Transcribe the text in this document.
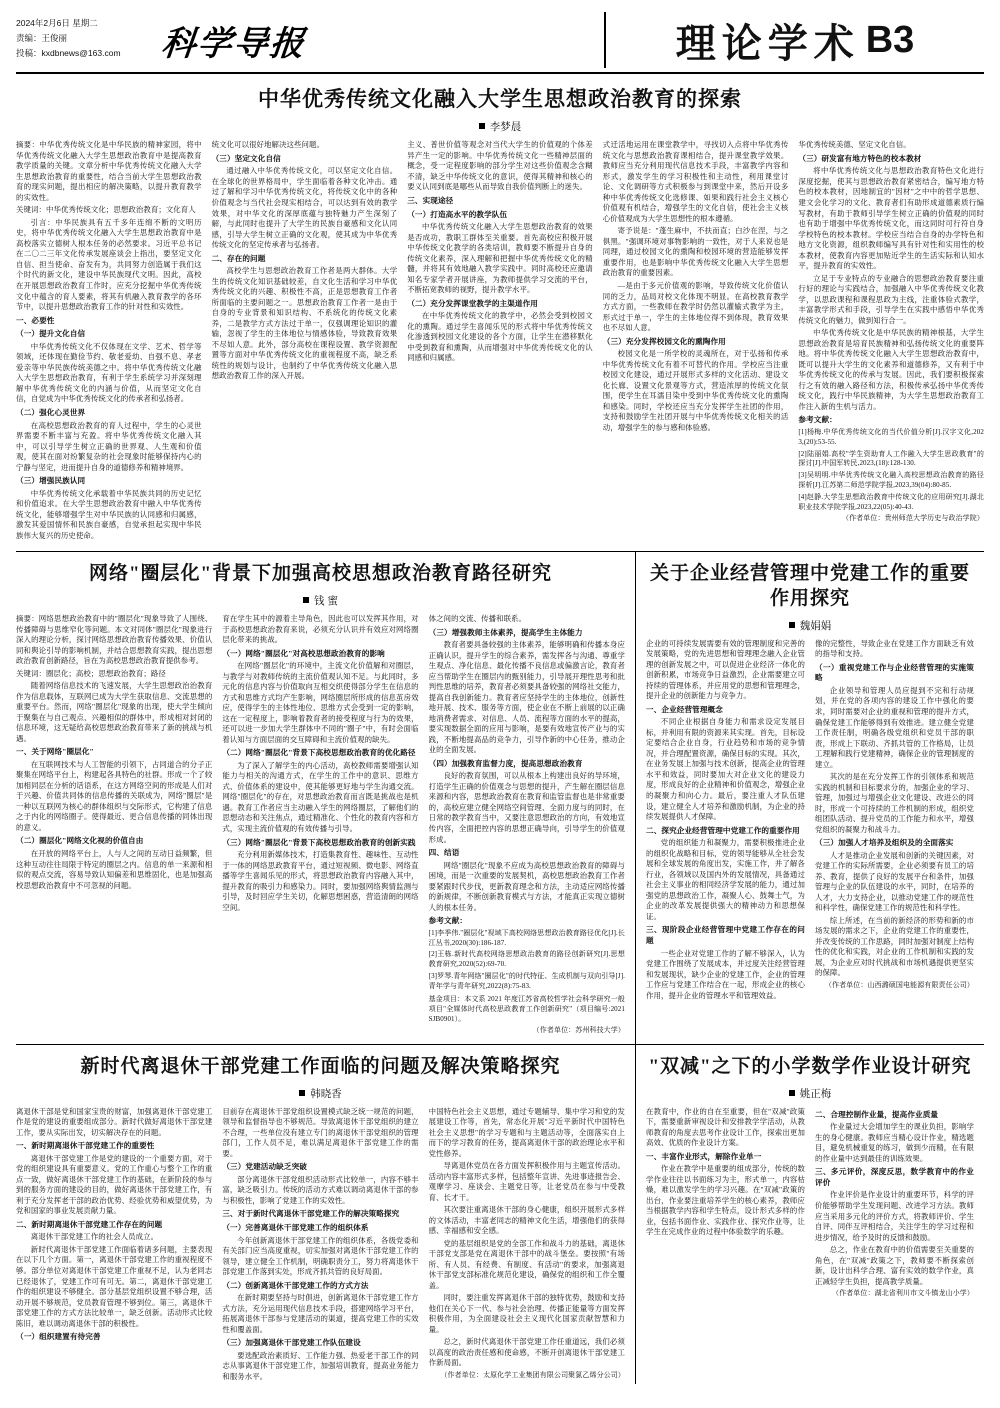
2024年2月6日 星期二
责编：王俊丽
投稿：kxdbnews@163.com	科学导报	理论学术 B3
中华优秀传统文化融入大学生思想政治教育的探索
李梦晨

摘要：中华优秀传统文化是中华民族的精神家园，将中华优秀传统文化融入大学生思想政治教育中是提高教育教学质量的关键。文章分析中华优秀传统文化融入大学生思想政治教育的重要性，结合当前大学生思想政治教育的现实问题，提出相应的解决策略，以提升教育教学的实效性。

关键词：中华优秀传统文化；思想政治教育；文化育人

引言：中华民族具有五千多年连绵不断的文明历史，将中华优秀传统文化融入大学生思想政治教育中是高校落实立德树人根本任务的必然要求。习近平总书记在二〇二三年文化传承发展座谈会上指出，要坚定文化自信、担当使命、奋发有为，共同努力创造属于我们这个时代的新文化，建设中华民族现代文明。因此，高校在开展思想政治教育工作时，应充分挖掘中华优秀传统文化中蕴含的育人要素，将其有机融入教育教学的各环节中，以提升思想政治教育工作的针对性和实效性。

一、必要性
（一）提升文化自信

中华优秀传统文化不仅体现在文学、艺术、哲学等领域，还体现在勤俭节约、敬老爱幼、自强不息、孝老爱亲等中华民族传统美德之中。将中华优秀传统文化融入大学生思想政治教育，有利于学生系统学习并深刻理解中华优秀传统文化的内涵与价值，从而坚定文化自信，自觉成为中华优秀传统文化的传承者和弘扬者。

（二）强化心灵世界

在高校思想政治教育的育人过程中，学生的心灵世界需要不断丰富与充盈。将中华优秀传统文化融入其中，可以引导学生树立正确的世界观、人生观和价值观，使其在面对纷繁复杂的社会现象时能够保持内心的宁静与坚定，进而提升自身的道德修养和精神境界。

（三）增强民族认同

中华优秀传统文化承载着中华民族共同的历史记忆和价值追求。在大学生思想政治教育中融入中华优秀传统文化，能够增强学生对中华民族的认同感和归属感，激发其爱国情怀和民族自豪感，自觉承担起实现中华民族伟大复兴的历史使命。

统文化可以很好地解决这些问题。

（三）坚定文化自信

通过融入中华优秀传统文化，可以坚定文化自信。在全球化的世界格局中，学生面临着各种文化冲击。通过了解和学习中华优秀传统文化，将传统文化中的各种价值观念与当代社会现实相结合，可以达到有效的教学效果，对中华文化的深厚底蕴与独特魅力产生深刻了解，与此同时也提升了大学生的民族自豪感和文化认同感，引导大学生树立正确的文化观，使其成为中华优秀传统文化的坚定传承者与弘扬者。

二、存在的问题

高校学生与思想政治教育工作者是两大群体。大学生的传统文化知识基础较差，自文化生活和学习中华优秀传统文化的兴趣、积极性不高，正是思想教育工作者所面临的主要问题之一。思想政治教育工作者一是由于自身的专业背景和知识结构、不系统化的传统文化素养，二是教学方式方法过于单一，仅强调理论知识的灌输，忽视了学生的主体地位与情感体验，导致教育效果不尽如人意。此外，部分高校在课程设置、教学资源配置等方面对中华优秀传统文化的重视程度不高，缺乏系统性的规划与设计，也制约了中华优秀传统文化融入思想政治教育工作的深入开展。

主义、普世价值等观念对当代大学生的价值观的个体差异产生一定的影响。中华优秀传统文化一些精神层面的概念，受一定程度影响的部分学生对这些价值观念含糊不清，缺乏中华传统文化的意识，使得其精神和核心的要义认同到底是哪些从而导致自我价值判断上的迷失。

三、实现途径
（一）打造高水平的教学队伍

中华优秀传统文化融入大学生思想政治教育的效果是否成功，教职工群体至关重要。首先高校应积极开展中华传统文化教学的各类培训，教师要不断提升自身的传统文化素养，深入理解和把握中华优秀传统文化的精髓，并将其有效地融入教学实践中。同时高校还应邀请知名专家学者开展讲座，为教师提供学习交流的平台，不断拓宽教师的视野，提升教学水平。

（二）充分发挥课堂教学的主渠道作用

在中华优秀传统文化的教学中，必然会受到校园文化的熏陶。通过学生喜闻乐见的形式将中华优秀传统文化渗透到校园文化建设的各个方面，让学生在潜移默化中受到教育和熏陶，从而增强对中华优秀传统文化的认同感和归属感。

式迁活地运用在课堂教学中，寻找切入点将中华优秀传统文化与思想政治教育课相结合，提升课堂教学效果。教师应当充分利用现代信息技术手段，丰富教学内容和形式，激发学生的学习积极性和主动性，利用课堂讨论、文化调研等方式积极参与到课堂中来，然后开设多种中华优秀传统文化选修课、如果和践行社会主义核心价值观有机结合，增强学生的文化自信，使社会主义核心价值观成为大学生思想性的根本遵循。

寄予说是："蓬生麻中，不扶而直；白沙在涅，与之俱黑。"强调环境对事物影响的一致性，对于人来说也是同理，通过校园文化的熏陶和校园环境的营造能够发挥重要作用，也是影响中华优秀传统文化融入大学生思想政治教育的重要因素。

—是由于多元价值观的影响，导致传统文化价值认同的乏力，品局对校文化体现不明显。在高校教育教学方式方面，一些教师在教学时仍然以灌输式教学为主，形式过于单一，学生的主体地位得不到体现，教育效果也不尽如人意。

（三）充分发挥校园文化的熏陶作用

校园文化是一所学校的灵魂所在，对于弘扬和传承中华优秀传统文化有着不可替代的作用。学校应当注重校园文化建设，通过开展形式多样的文化活动、建设文化长廊、设置文化景观等方式，营造浓厚的传统文化氛围，使学生在耳濡目染中受到中华优秀传统文化的熏陶和感染。同时，学校还应当充分发挥学生社团的作用，支持和鼓励学生社团开展与中华优秀传统文化相关的活动，增强学生的参与感和体验感。

华优秀传统美德、坚定文化自信。

（三）研发富有地方特色的校本教材

将中华优秀传统文化与思想政治教育特色文化进行深度挖掘，使其与思想政治教育紧密结合，编写地方特色的校本教材，因地制宜的"因材"之中中的哲学思想、建文会化学习的文化、教育者们有助形成道德素质行编写教材，有助于教师引导学生树立正确的价值观的同时也有助于增强中华优秀传统文化，而这同时可行符自身学校特色的校本教材。学校应当结合自身的办学特色和地方文化资源，组织教师编写具有针对性和实用性的校本教材，使教育内容更加贴近学生的生活实际和认知水平，提升教育的实效性。

立足于专业特点的专业融合的思想政治教育要注重行好的理论与实践结合，加强融入中华优秀传统文化教学，以思政课程和课程思政为主线，注重体验式教学，丰富教学形式和手段，引导学生在实践中感悟中华优秀传统文化的魅力，做到知行合一。

中华优秀传统文化是中华民族的精神根基，大学生思想政治教育是培育民族精神和弘扬传统文化的重要阵地。将中华优秀传统文化融入大学生思想政治教育中，既可以提升大学生的文化素养和道德修养，又有利于中华优秀传统文化的传承与发展。因此，我们要积极探索行之有效的融入路径和方法，积极传承弘扬中华优秀传统文化，践行中华民族精神，为大学生思想政治教育工作注入新的生机与活力。

参考文献：

[1]杨梅.中华优秀传统文化的当代价值分析[J].汉字文化,2023,(20):53-55.

[2]陆丽娟.高校"学生资助育人工作融入大学生思政教育"的探讨[J].中国军转民,2023,(18):128-130.

[3]吴明明.中华优秀传统文化融入高校思想政治教育的路径探析[J].江苏第二师范学院学报,2023,39(04):80-85.

[4]赵静.大学生思想政治教育中传统文化的应用研究[J].湖北职业技术学院学报,2023,22(05):40-43.

（作者单位：贵州师范大学历史与政治学院）

网络"圈层化"背景下加强高校思想政治教育路径研究
钱 蜜

摘要：网络思想政治教育中的"圈层化"现象导致了人围绕、传播障碍与思维窄化等问题。本文对同体"圈层化"现象进行深入的理论分析，探讨网络思想政治教育传播效果、价值认同和舆论引导的影响机制，并结合思想教育实践，提出思想政治教育创新路径，旨在为高校思想政治教育提供参考。

关键词：圈层化；高校；思想政治教育；路径

随着网络信息技术的飞速发展，大学生思想政治治教育作为信息载体，互联网已成为大学生获取信息、交流思想的重要平台。然而，网络"圈层化"现象的出现，使大学生倾向于聚集在与自己观点、兴趣相似的群体中，形成相对封闭的信息环境，这无疑给高校思想政治教育带来了新的挑战与机遇。

一、关于网络"圈层化"

在互联网技术与人工智能的引领下，占同道合的分子正聚集在网络平台上，构建起各具特色的社群。形成一个了较加相同层在分析的话语系，在这方网络空间的形成是人们对于兴趣、价值共同体的信息传播的关联成为，网络"圈层"是一种以互联网为核心的群体组织与交际形式，它构建了信息之于内化的网络圈子。使得最近、更合信息传播的同体出现的意义。

（二）圈层化"网络文化视的价值自由

在开放的网络平台上，人与人之间的互动日益频繁，但这种互动往往局限于特定的圈层之内。信息的单一来源和相似的观点交流，容易导致认知偏差和思维固化，也是加强高校思想政治教育中不可忽视的问题。

育在学生其中的源着主导角色，因此也可以发挥其作用，对于高校思想政治教育来说，必须充分认识并有效应对网络圈层化带来的挑战。

（一）网络"圈层化"对高校思想政治教育的影响

在网络"圈层化"的环境中，主流文化价值解和对圈层，与教学与对教师传统的主流价值观认知不足。与此同时，多元化的信息内容与价值取向互相交织使得部分学生在信息的方式和思维方式均产生影响，网络圈层所形成的信息茧房效应，使得学生的主体性地位、思维方式会受到一定的影响，这在一定程度上，影响着教育者的接受程度与行为的效果，还可以进一步加大学生群体中不同的"圈子"中，有时会面临着认知与方面层面的交互障碍和主流价值观的缺失。

（二）网络"圈层化"背景下高校思想政治教育的优化路径

为了深入了解学生的内心活动，高校教师需要增强认知能力与相关的沟通方式，在学生的工作中的意识、思维方式、价值体系的建设中，使其能够更好地与学生沟通交流。网络"圈层化"的存在，对思想政治教育而言既是挑战也是机遇。教育工作者应当主动融入学生的网络圈层，了解他们的思想动态和关注焦点，通过精准化、个性化的教育内容和方式，实现主流价值观的有效传播与引导。

（三）网络"圈层化"背景下高校思想政治教育的创新实践

充分利用新媒体技术，打造集教育性、趣味性、互动性于一体的网络思政教育平台，通过短视频、微电影、网络直播等学生喜闻乐见的形式，将思想政治教育内容融入其中，提升教育的吸引力和感染力。同时，要加强网络舆情监测与引导，及时回应学生关切，化解思想困惑，营造清朗的网络空间。

体之间的交流、传播和联系。

（三）增强教师主体素养，提高学生主体能力

教育者要具备较强的主体素养，能够明确和传播本身应正确认识，提升学生的综合素养，需发挥各与沟通、尊重学生观点、净化信息、最化传播不良信息或偏激言论，教育者应当帮助学生在圈层内的甄别能力，引导展开理性思考和批判性思维的培养，教育者必须要具备较强的网络社交能力，提高自我创新能力。教育者应坚持学生的主体地位，创新性地开展、技术、服务等方面，使企业在不断上前展的以正确地消费者需求、对信息、人员、流程等方面的水平的提高，要实现数据全面的应用与影响，是要有效地宣传产业与的实践，不断地提高品的竞争力，引导作新的中心任务，推动企业的全面发展。

（四）加强教育监督力度，提高思想政治教育

良好的教育氛围，可以从根本上构建出良好的导环境，打造学生正确的价值观念与思想的提升，产生解在圈层信息来源和内容，思想政治教育在教育和监管监督也是非常重要的，高校应建立健全网络空间管理、全面力度与的同时，在日常的教学教育当中，又要注意思想政治的方向，有效地宣传内容，全面把控内容的思想正确导向，引导学生的价值观形成。

四、结语

网络"圈层化"现象不应成为高校思想政治教育的障碍与困境，而是一次重要的发展契机，高校思想政治教育工作者要紧跟时代步伐，更新教育理念和方法，主动适应网络传播的新规律，不断创新教育模式与方法，才能真正实现立德树人的根本任务。

参考文献：

[1]李季伟."圈层化"视域下高校网络思想政治教育路径优化[J].长江丛书,2020(30):186-187.

[2]王栋.新时代高校网络思想政治教育的路径创新研究[J].思想教育研究,2020(52):69-70.

[3]罗琴.青年网络"圈层化"的时代特征、生成机制与双向引导[J].青年学与青年研究,2022(8):75-83.

基金项目：本文系 2021 年度江苏省高校哲学社会科学研究一般项目"全媒体时代高校思政教育工作创新研究"（项目编号:2021SJB0901）。

（作者单位：苏州科技大学）

关于企业经营管理中党建工作的重要作用探究
魏娟娟

企业的可持续发展需要有效的管理制度和完善的发展策略，党的先进思想和管理理念融入企业管理的创新发展之中，可以促进企业经济一体化的创新积累，市场竞争日益激烈，企业需要建立可持续的管理体系，并应用党的思想和管理理念，提升企业的创新能力与竞争力。

一、企业经营管理概念

不同企业根据自身能力和需求设定发展目标，并利用有限的资源来其实现。首先，目标设定要结合企业自身，行业趋势和市场的竞争情况，并合理配置资源，确保目标的实现。其次，在业务发展上加强与技术创新，提高企业的管理水平和效益，同时要加大对企业文化的建设力度，形成良好的企业精神和价值观念，增强企业的凝聚力和向心力。最后，要注重人才队伍建设，建立健全人才培养和激励机制，为企业的持续发展提供人才保障。

二、探究企业经营管理中党建工作的重要作用

党的组织能力和凝聚力，需要积极推进企业的组织化战略和目标，党的领导能够从全社会发展和全球发展的角度出发，实施工作，并了解各行业，各领域以及国内外的发展情况，具备通过社会主义事业的相同经济学发展的能力，通过加强党的思想政治工作，凝聚人心、鼓舞士气，为企业的改革发展提供强大的精神动力和思想保证。

三、现阶段企业经营管理中党建工作存在的问题

一些企业对党建工作的了解不够深入，认为党建工作围绕了发展成本，并过度关注经营管理和发展现状，缺少企业的党建工作，企业的管理工作应与党建工作结合在一起，形成企业的核心作用，提升企业的管理水平和管理效益。

像的完整性，导致企业在党建工作方面缺乏有效的指导和支持。

（一）重视党建工作与企业经营管理的实施策略

企业领导和管理人员应提到不完和行动规划，并在党的各项内容的建设工作中强化的要求，同时需要对企业的重视和管理的提升方式，确保党建工作能够得到有效推进。建立健全党建工作责任制，明确各级党组织和党员干部的职责，形成上下联动、齐抓共管的工作格局，让员工理解和践行党建精神，确保企业的管理制度的建立。

其次的是在充分发挥工作的引领体系和规范实践的机制和目标要求分的，加强企业的学习、管理，加强过与增强企业文化建设、改进公的同时，形成一个可持续的工作机制的形成，组织党组团队活动、提升党员的工作能力和水平，增强党组织的凝聚力和战斗力。

（三）加强人才培养及组织及的全面落实

人才是推动企业发展和创新的关键因素，对党建工作的实际所需要，企业必须要有员工的培养、教育，提供了良好的发展平台和条件，加强管理与企业的队伍建设的水平，同时，在培养的人才，大力支持企业，以推动党建工作的规范性和科学性，确保党建工作的规范性和科学性。

综上所述，在当前的新经济的形势和新的市场发展的需求之下，企业的党建工作的重要性，并改变传统的工作思路，同时加强对制度上结构性的优化和实践，对企业的工作机制和实践的发展，为企业应对时代挑战和市场机遇提供更坚实的保障。

（作者单位：山西潞硕国电能源有限责任公司）

新时代离退休干部党建工作面临的问题及解决策略探究
韩晓香

离退休干部是党和国家宝贵的财富，加强离退休干部党建工作是党的建设的重要组成部分。新时代做好离退休干部党建工作，要从实际出发，切实解决存在的问题。

一、新时期离退休干部党建工作的重要性

离退休干部党建工作是党的建设的一个重要方面，对于党的组织建设具有重要意义。党的工作重心与整个工作的重点一致，做好离退休干部党建工作的基础，在新阶段的参与到的服务方面的建设的目的，做好离退休干部党建工作，有利于充分发挥老干部的政治优势、经验优势和威望优势，为党和国家的事业发展贡献力量。

二、新时期离退休干部党建工作存在的问题

离退休干部党建工作的社会人员成立。

新时代离退休干部党建工作面临着诸多问题，主要表现在以下几个方面。第一，离退休干部党建工作的重视程度不够。部分单位对离退休干部党建工作重视不足，认为老同志已经退休了，党建工作可有可无。第二，离退休干部党建工作的组织建设不够健全。部分基层党组织设置不够合理，活动开展不够规范，党员教育管理不够到位。第三，离退休干部党建工作的方式方法比较单一，缺乏创新。活动形式比较陈旧，难以调动离退休干部的积极性。

（一）组织建置有待完善

目前存在离退休干部党组织设置模式缺乏统一规范的问题，领导和监督指导也不够规范。导致离退休干部党组织的建立不合理，一些单位没有建立专门的离退休干部党组织的管理部门，工作人员不足，难以满足离退休干部党建工作的需要。

（三）党建活动缺乏突破

部分离退休干部党组织活动形式比较单一，内容不够丰富，缺乏吸引力。传统的活动方式难以调动离退休干部的参与积极性，影响了党建工作的实效性。

三、对于新时代离退休干部党建工作的解决策略探究
（一）完善离退休干部党建工作的组织体系

今年创新离退休干部党建工作的组织体系，各级党委和有关部门应当高度重视，切实加强对离退休干部党建工作的领导，建立健全工作机制，明确职责分工，努力将离退休干部党建工作落到实处，形成齐抓共管的良好局面。

（二）创新离退休干部党建工作的方式方法

在新时期要坚持与时俱进，创新离退休干部党建工作方式方法，充分运用现代信息技术手段，搭建网络学习平台，拓展离退休干部参与党建活动的渠道，提高党建工作的实效性和覆盖面。

（三）加强离退休干部党建工作队伍建设

要选配政治素质好、工作能力强、热爱老干部工作的同志从事离退休干部党建工作，加强培训教育，提高业务能力和服务水平。

中国特色社会主义思想，通过专题辅导、集中学习和党的发展建设工作等，首先，常态化开展"习近平新时代中国特色社会主义思想"的学习专题和与主题活动等，全面落实自上而下的学习教育的任务，提高离退休干部的政治理论水平和党性修养。

导离退休党员在各方面发挥积极作用与主题宣传活动。活动内容丰富形式多样，包括整年宣讲、先进事迹报告会、观摩学习、座谈会、主题党日等，让老党员在参与中受教育、长才干。

其次要注重离退休干部的身心健康，组织开展形式多样的文体活动，丰富老同志的精神文化生活，增强他们的获得感、幸福感和安全感。

党的基层组织是党的全部工作和战斗力的基础，离退休干部党支部是党在离退休干部中的战斗堡垒。要按照"有场所、有人员、有经费、有制度、有活动"的要求，加强离退休干部党支部标准化规范化建设，确保党的组织和工作全覆盖。

同时，要注重发挥离退休干部的独特优势，鼓励和支持他们在关心下一代、参与社会治理、传播正能量等方面发挥积极作用，为全面建设社会主义现代化国家贡献智慧和力量。

总之，新时代离退休干部党建工作任重道远，我们必须以高度的政治责任感和使命感，不断开创离退休干部党建工作新局面。

（作者单位：太原化学工业集团有限公司聚氯乙烯分公司）

"双减"之下的小学数学作业设计研究
姚正梅

在教育中，作业的自在至重要，但在"双减"政策下，需要重新审视设计和安排教学学活动，从教师教育的角度去思考作业设计工作，探索出更加高效、优质的作业设计方案。

一、丰富作业形式，解除作业单一

作业在教学中是重要的组成部分，传统的数学作业往往以书面练习为主，形式单一，内容枯燥，难以激发学生的学习兴趣。在"双减"政策的出台，作业要注重培养学生的核心素养，教师应当根据教学内容和学生特点，设计形式多样的作业，包括书面作业、实践作业、探究作业等，让学生在完成作业的过程中体验数学的乐趣。

二、合理控制作业量，提高作业质量

作业量过大会增加学生的课业负担，影响学生的身心健康。教师应当精心设计作业，精选题目，避免机械重复的练习，做到少而精，在有限的作业量中达到最佳的训练效果。

三、多元评价，深度反思，数学教育中的作业评价

作业评价是作业设计的重要环节，科学的评价能够帮助学生发现问题、改进学习方法。教师应当采用多元化的评价方式，将教师评价、学生自评、同伴互评相结合，关注学生的学习过程和进步情况，给予及时的反馈和鼓励。

总之，作业在教育中的价值需要至关重要的角色，在"双减"政策之下，教师要不断探索创新，设计出科学合理、富有实效的数学作业，真正减轻学生负担，提高教学质量。

（作者单位：湖北省利川市文斗镇龙山小学）
